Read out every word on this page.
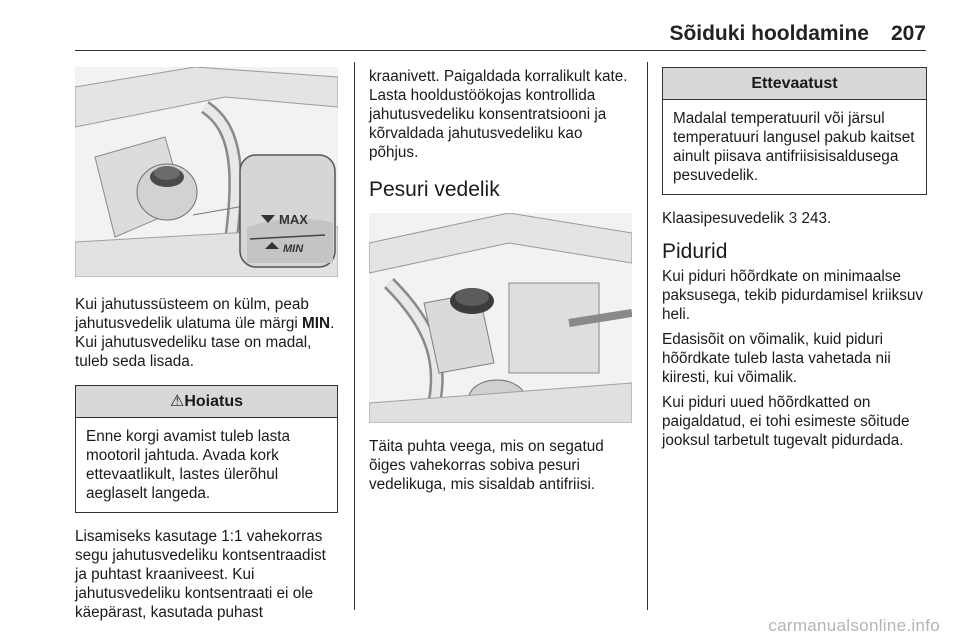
Sõiduki hooldamine 207
MAX
MIN

Kui jahutussüsteem on külm, peab jahutusvedelik ulatuma üle märgi MIN. Kui jahutusvedeliku tase on madal, tuleb seda lisada.

⚠Hoiatus
Enne korgi avamist tuleb lasta mootoril jahtuda. Avada kork ettevaatlikult, lastes ülerõhul aeglaselt langeda.

Lisamiseks kasutage 1:1 vahekorras segu jahutusvedeliku kontsentraadist ja puhtast kraaniveest. Kui jahutusvedeliku kontsentraati ei ole käepärast, kasutada puhast

kraanivett. Paigaldada korralikult kate. Lasta hooldustöökojas kontrollida jahutusvedeliku konsentratsiooni ja kõrvaldada jahutusvedeliku kao põhjus.

Pesuri vedelik

Täita puhta veega, mis on segatud õiges vahekorras sobiva pesuri vedelikuga, mis sisaldab antifriisi.

Ettevaatust
Madalal temperatuuril või järsul temperatuuri langusel pakub kaitset ainult piisava antifriisisisaldusega pesuvedelik.

Klaasipesuvedelik 3 243.

Pidurid

Kui piduri hõõrdkate on minimaalse paksusega, tekib pidurdamisel kriiksuv heli.

Edasisõit on võimalik, kuid piduri hõõrdkate tuleb lasta vahetada nii kiiresti, kui võimalik.

Kui piduri uued hõõrdkatted on paigaldatud, ei tohi esimeste sõitude jooksul tarbetult tugevalt pidurdada.

carmanualsonline.info
